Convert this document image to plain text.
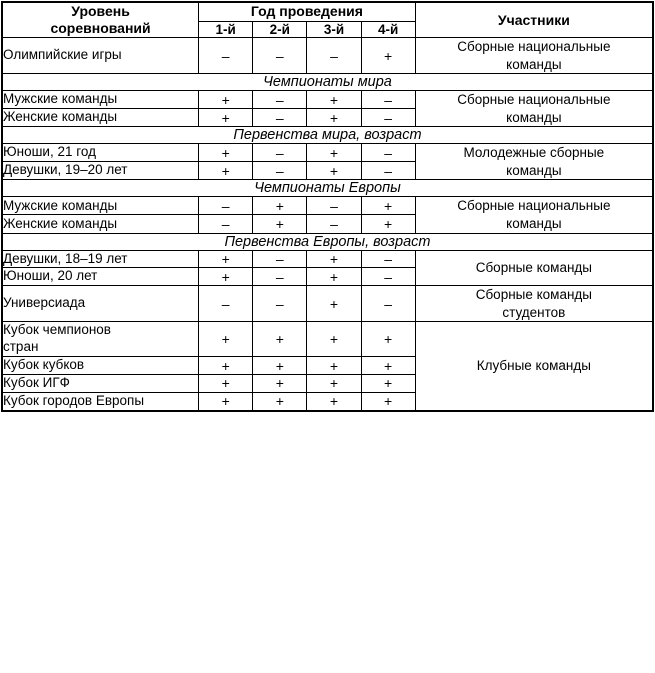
Уровень
соревнований	Год проведения				Участники
	1-й	2-й	3-й	4-й	
Олимпийские игры	–	–	–	+	Сборные национальные
команды
Чемпионаты мира					
Мужские команды	+	–	+	–	Сборные национальные
команды
Женские команды	+	–	+	–	
Первенства мира, возраст					
Юноши, 21 год	+	–	+	–	Молодежные сборные
команды
Девушки, 19–20 лет	+	–	+	–	
Чемпионаты Европы					
Мужские команды	–	+	–	+	Сборные национальные
команды
Женские команды	–	+	–	+	
Первенства Европы, возраст					
Девушки, 18–19 лет	+	–	+	–	Сборные команды
Юноши, 20 лет	+	–	+	–	
Универсиада	–	–	+	–	Сборные команды
студентов
Кубок чемпионов
стран	+	+	+	+	Клубные команды
Кубок кубков	+	+	+	+	
Кубок ИГФ	+	+	+	+	
Кубок городов Европы	+	+	+	+	
